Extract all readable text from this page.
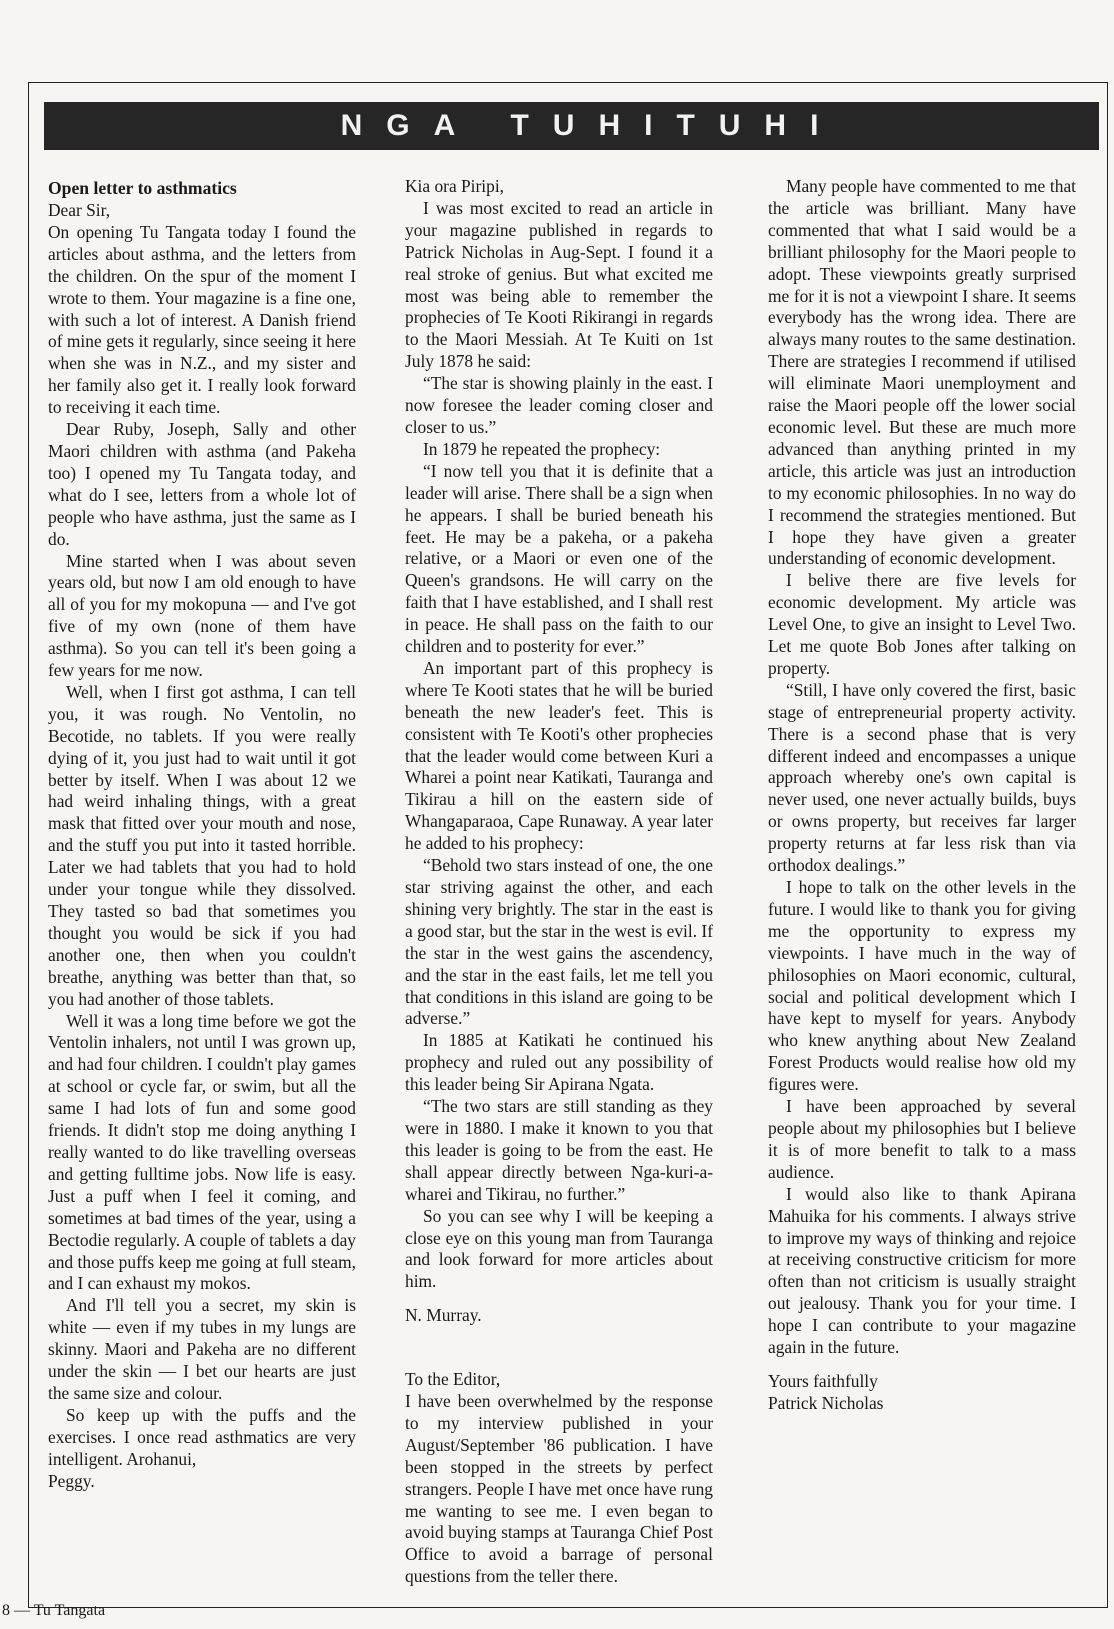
NGA TUHITUHI
Open letter to asthmatics

Dear Sir,

On opening Tu Tangata today I found the articles about asthma, and the letters from the children. On the spur of the moment I wrote to them. Your magazine is a fine one, with such a lot of interest. A Danish friend of mine gets it regularly, since seeing it here when she was in N.Z., and my sister and her family also get it. I really look forward to receiving it each time.

Dear Ruby, Joseph, Sally and other Maori children with asthma (and Pakeha too) I opened my Tu Tangata today, and what do I see, letters from a whole lot of people who have asthma, just the same as I do.

Mine started when I was about seven years old, but now I am old enough to have all of you for my mokopuna — and I've got five of my own (none of them have asthma). So you can tell it's been going a few years for me now.

Well, when I first got asthma, I can tell you, it was rough. No Ventolin, no Becotide, no tablets. If you were really dying of it, you just had to wait until it got better by itself. When I was about 12 we had weird inhaling things, with a great mask that fitted over your mouth and nose, and the stuff you put into it tasted horrible. Later we had tablets that you had to hold under your tongue while they dissolved. They tasted so bad that sometimes you thought you would be sick if you had another one, then when you couldn't breathe, anything was better than that, so you had another of those tablets.

Well it was a long time before we got the Ventolin inhalers, not until I was grown up, and had four children. I couldn't play games at school or cycle far, or swim, but all the same I had lots of fun and some good friends. It didn't stop me doing anything I really wanted to do like travelling overseas and getting fulltime jobs. Now life is easy. Just a puff when I feel it coming, and sometimes at bad times of the year, using a Bectodie regularly. A couple of tablets a day and those puffs keep me going at full steam, and I can exhaust my mokos.

And I'll tell you a secret, my skin is white — even if my tubes in my lungs are skinny. Maori and Pakeha are no different under the skin — I bet our hearts are just the same size and colour.

So keep up with the puffs and the exercises. I once read asthmatics are very intelligent. Arohanui,

Peggy.

Kia ora Piripi,

I was most excited to read an article in your magazine published in regards to Patrick Nicholas in Aug-Sept. I found it a real stroke of genius. But what excited me most was being able to remember the prophecies of Te Kooti Rikirangi in regards to the Maori Messiah. At Te Kuiti on 1st July 1878 he said:

“The star is showing plainly in the east. I now foresee the leader coming closer and closer to us.”

In 1879 he repeated the prophecy:

“I now tell you that it is definite that a leader will arise. There shall be a sign when he appears. I shall be buried beneath his feet. He may be a pakeha, or a pakeha relative, or a Maori or even one of the Queen's grandsons. He will carry on the faith that I have established, and I shall rest in peace. He shall pass on the faith to our children and to posterity for ever.”

An important part of this prophecy is where Te Kooti states that he will be buried beneath the new leader's feet. This is consistent with Te Kooti's other prophecies that the leader would come between Kuri a Wharei a point near Katikati, Tauranga and Tikirau a hill on the eastern side of Whangaparaoa, Cape Runaway. A year later he added to his prophecy:

“Behold two stars instead of one, the one star striving against the other, and each shining very brightly. The star in the east is a good star, but the star in the west is evil. If the star in the west gains the ascendency, and the star in the east fails, let me tell you that conditions in this island are going to be adverse.”

In 1885 at Katikati he continued his prophecy and ruled out any possibility of this leader being Sir Apirana Ngata.

“The two stars are still standing as they were in 1880. I make it known to you that this leader is going to be from the east. He shall appear directly between Nga-kuri-a-wharei and Tikirau, no further.”

So you can see why I will be keeping a close eye on this young man from Tauranga and look forward for more articles about him.

N. Murray.

To the Editor,

I have been overwhelmed by the response to my interview published in your August/September '86 publication. I have been stopped in the streets by perfect strangers. People I have met once have rung me wanting to see me. I even began to avoid buying stamps at Tauranga Chief Post Office to avoid a barrage of personal questions from the teller there.

Many people have commented to me that the article was brilliant. Many have commented that what I said would be a brilliant philosophy for the Maori people to adopt. These viewpoints greatly surprised me for it is not a viewpoint I share. It seems everybody has the wrong idea. There are always many routes to the same destination. There are strategies I recommend if utilised will eliminate Maori unemployment and raise the Maori people off the lower social economic level. But these are much more advanced than anything printed in my article, this article was just an introduction to my economic philosophies. In no way do I recommend the strategies mentioned. But I hope they have given a greater understanding of economic development.

I belive there are five levels for economic development. My article was Level One, to give an insight to Level Two. Let me quote Bob Jones after talking on property.

“Still, I have only covered the first, basic stage of entrepreneurial property activity. There is a second phase that is very different indeed and encompasses a unique approach whereby one's own capital is never used, one never actually builds, buys or owns property, but receives far larger property returns at far less risk than via orthodox dealings.”

I hope to talk on the other levels in the future. I would like to thank you for giving me the opportunity to express my viewpoints. I have much in the way of philosophies on Maori economic, cultural, social and political development which I have kept to myself for years. Anybody who knew anything about New Zealand Forest Products would realise how old my figures were.

I have been approached by several people about my philosophies but I believe it is of more benefit to talk to a mass audience.

I would also like to thank Apirana Mahuika for his comments. I always strive to improve my ways of thinking and rejoice at receiving constructive criticism for more often than not criticism is usually straight out jealousy. Thank you for your time. I hope I can contribute to your magazine again in the future.

Yours faithfully

Patrick Nicholas

8 — Tu Tangata
